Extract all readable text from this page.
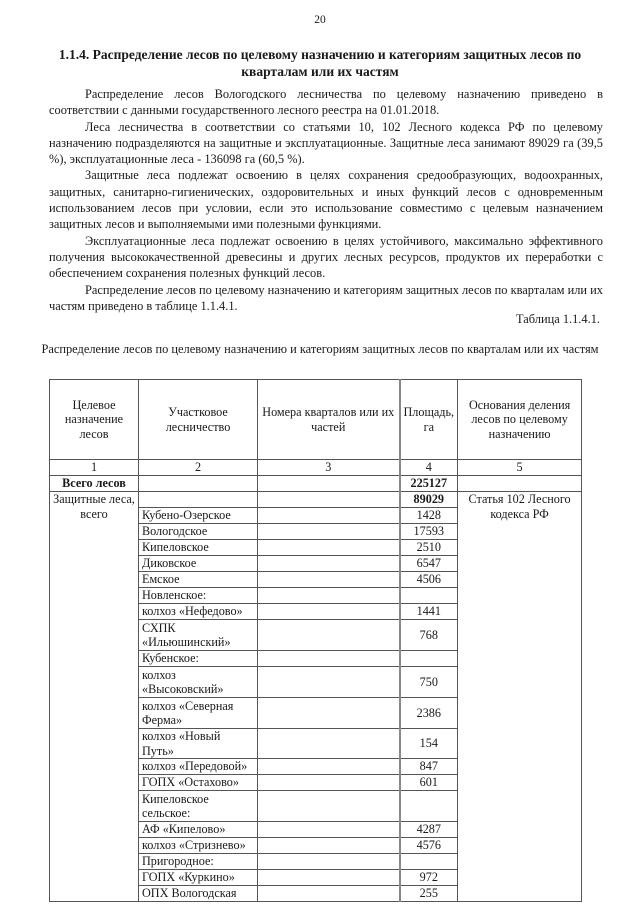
20
1.1.4. Распределение лесов по целевому назначению и категориям защитных лесов по кварталам или их частям

Распределение лесов Вологодского лесничества по целевому назначению приведено в соответствии с данными государственного лесного реестра на 01.01.2018.

Леса лесничества в соответствии со статьями 10, 102 Лесного кодекса РФ по целевому назначению подразделяются на защитные и эксплуатационные. Защитные леса занимают 89029 га (39,5 %), эксплуатационные леса - 136098 га (60,5 %).

Защитные леса подлежат освоению в целях сохранения средообразующих, водоохранных, защитных, санитарно-гигиенических, оздоровительных и иных функций лесов с одновременным использованием лесов при условии, если это использование совместимо с целевым назначением защитных лесов и выполняемыми ими полезными функциями.

Эксплуатационные леса подлежат освоению в целях устойчивого, максимально эффективного получения высококачественной древесины и других лесных ресурсов, продуктов их переработки с обеспечением сохранения полезных функций лесов.

Распределение лесов по целевому назначению и категориям защитных лесов по кварталам или их частям приведено в таблице 1.1.4.1.

Таблица 1.1.4.1.
Распределение лесов по целевому назначению и категориям защитных лесов по кварталам или их частям
Целевое назначение лесов	Участковое лесничество	Номера кварталов или их частей	Площадь, га	Основания деления лесов по целевому назначению
1	2	3	4	5
Всего лесов			225127	
Защитные леса, всего			89029	Статья 102 Лесного кодекса РФ
	Кубено-Озерское		1428	
	Вологодское		17593	
	Кипеловское		2510	
	Диковское		6547	
	Емское		4506	
	Новленское:			
	колхоз «Нефедово»		1441	
	СХПК «Ильюшинский»		768	
	Кубенское:			
	колхоз «Высоковский»		750	
	колхоз «Северная Ферма»		2386	
	колхоз «Новый Путь»		154	
	колхоз «Передовой»		847	
	ГОПХ «Остахово»		601	
	Кипеловское сельское:			
	АФ «Кипелово»		4287	
	колхоз «Стризнево»		4576	
	Пригородное:			
	ГОПХ «Куркино»		972	
	ОПХ Вологодская		255	
